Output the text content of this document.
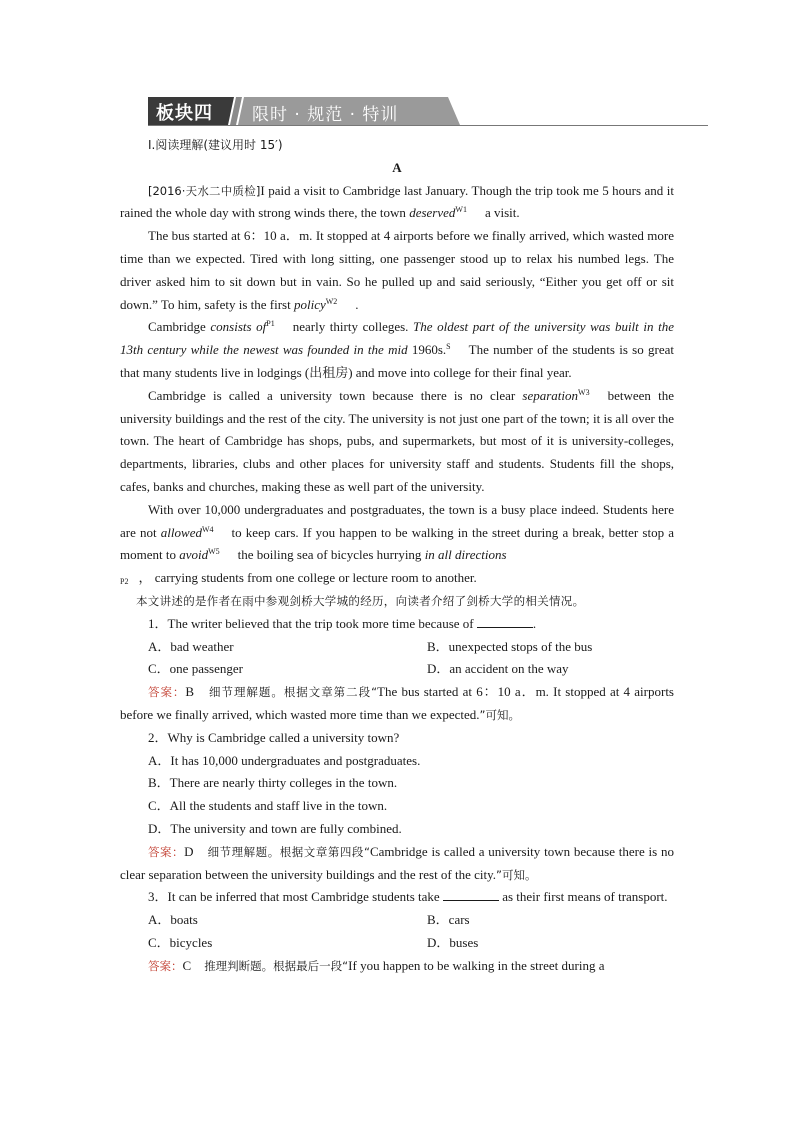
板块四 限时 · 规范 · 特训

Ⅰ.阅读理解(建议用时 15′)

A

[2016·天水二中质检]I paid a visit to Cambridge last January. Though the trip took me 5 hours and it rained the whole day with strong winds there, the town deserved$^{W1}$ a visit.

The bus started at 6：10 a．m. It stopped at 4 airports before we finally arrived, which wasted more time than we expected. Tired with long sitting, one passenger stood up to relax his numbed legs. The driver asked him to sit down but in vain. So he pulled up and said seriously, “Either you get off or sit down.” To him, safety is the first policy$^{W2}$ .

Cambridge consists $of^{P1}$ nearly thirty colleges. The oldest part of the university was built in the 13th century while the newest was founded in the mid 1960s.$^S$ The number of the students is so great that many students live in lodgings (出租房) and move into college for their final year.

Cambridge is called a university town because there is no clear separation$^{W3}$ between the university buildings and the rest of the city. The university is not just one part of the town; it is all over the town. The heart of Cambridge has shops, pubs, and supermarkets, but most of it is university-colleges, departments, libraries, clubs and other places for university staff and students. Students fill the shops, cafes, banks and churches, making these as well part of the university.

With over 10,000 undergraduates and postgraduates, the town is a busy place indeed. Students here are not allowed$^{W4}$ to keep cars. If you happen to be walking in the street during a break, better stop a moment to avoid$^{W5}$ the boiling sea of bicycles hurrying in all directions
$_{P2}$ ， carrying students from one college or lecture room to another.

本文讲述的是作者在雨中参观剑桥大学城的经历，向读者介绍了剑桥大学的相关情况。

1．The writer believed that the trip took more time because of	.

A．bad weather	B．unexpected stops of the bus
C．one passenger	D．an accident on the way

答案：B　 细节理解题。根据文章第二段“The bus started at 6：10 a．m. It stopped at 4 airports before we finally arrived, which wasted more time than we expected.”可知。

2．Why is Cambridge called a university town?

A．It has 10,000 undergraduates and postgraduates.

B．There are nearly thirty colleges in the town.

C．All the students and staff live in the town.

D．The university and town are fully combined.

答案：D　 细节理解题。根据文章第四段“Cambridge is called a university town because there is no clear separation between the university buildings and the rest of the city.”可知。

3．It can be inferred that most Cambridge students take	as their first means of transport.

A．boats	B．cars
C．bicycles	D．buses

答案：C　 推理判断题。根据最后一段“If you happen to be walking in the street during a
